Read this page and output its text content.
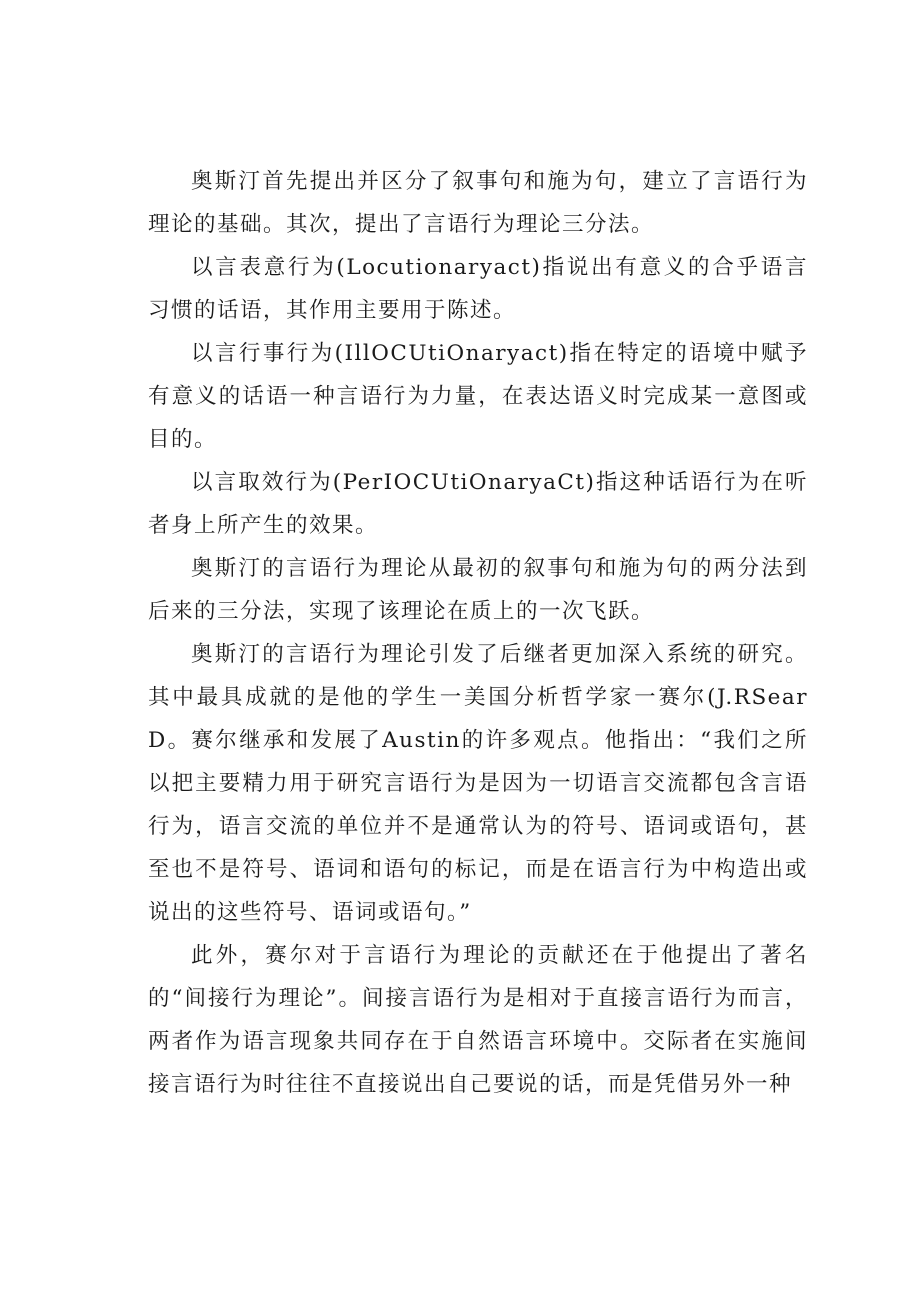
奥斯汀首先提出并区分了叙事句和施为句，建立了言语行为理论的基础。其次，提出了言语行为理论三分法。

以言表意行为(Locutionaryact)指说出有意义的合乎语言习惯的话语，其作用主要用于陈述。

以言行事行为(IllOCUtiOnaryact)指在特定的语境中赋予有意义的话语一种言语行为力量，在表达语义时完成某一意图或目的。

以言取效行为(PerIOCUtiOnaryaCt)指这种话语行为在听者身上所产生的效果。

奥斯汀的言语行为理论从最初的叙事句和施为句的两分法到后来的三分法，实现了该理论在质上的一次飞跃。

奥斯汀的言语行为理论引发了后继者更加深入系统的研究。其中最具成就的是他的学生一美国分析哲学家一赛尔(J.RSearD。赛尔继承和发展了Austin的许多观点。他指出：“我们之所以把主要精力用于研究言语行为是因为一切语言交流都包含言语行为，语言交流的单位并不是通常认为的符号、语词或语句，甚至也不是符号、语词和语句的标记，而是在语言行为中构造出或说出的这些符号、语词或语句。”

此外，赛尔对于言语行为理论的贡献还在于他提出了著名的“间接行为理论”。间接言语行为是相对于直接言语行为而言，两者作为语言现象共同存在于自然语言环境中。交际者在实施间接言语行为时往往不直接说出自己要说的话，而是凭借另外一种
